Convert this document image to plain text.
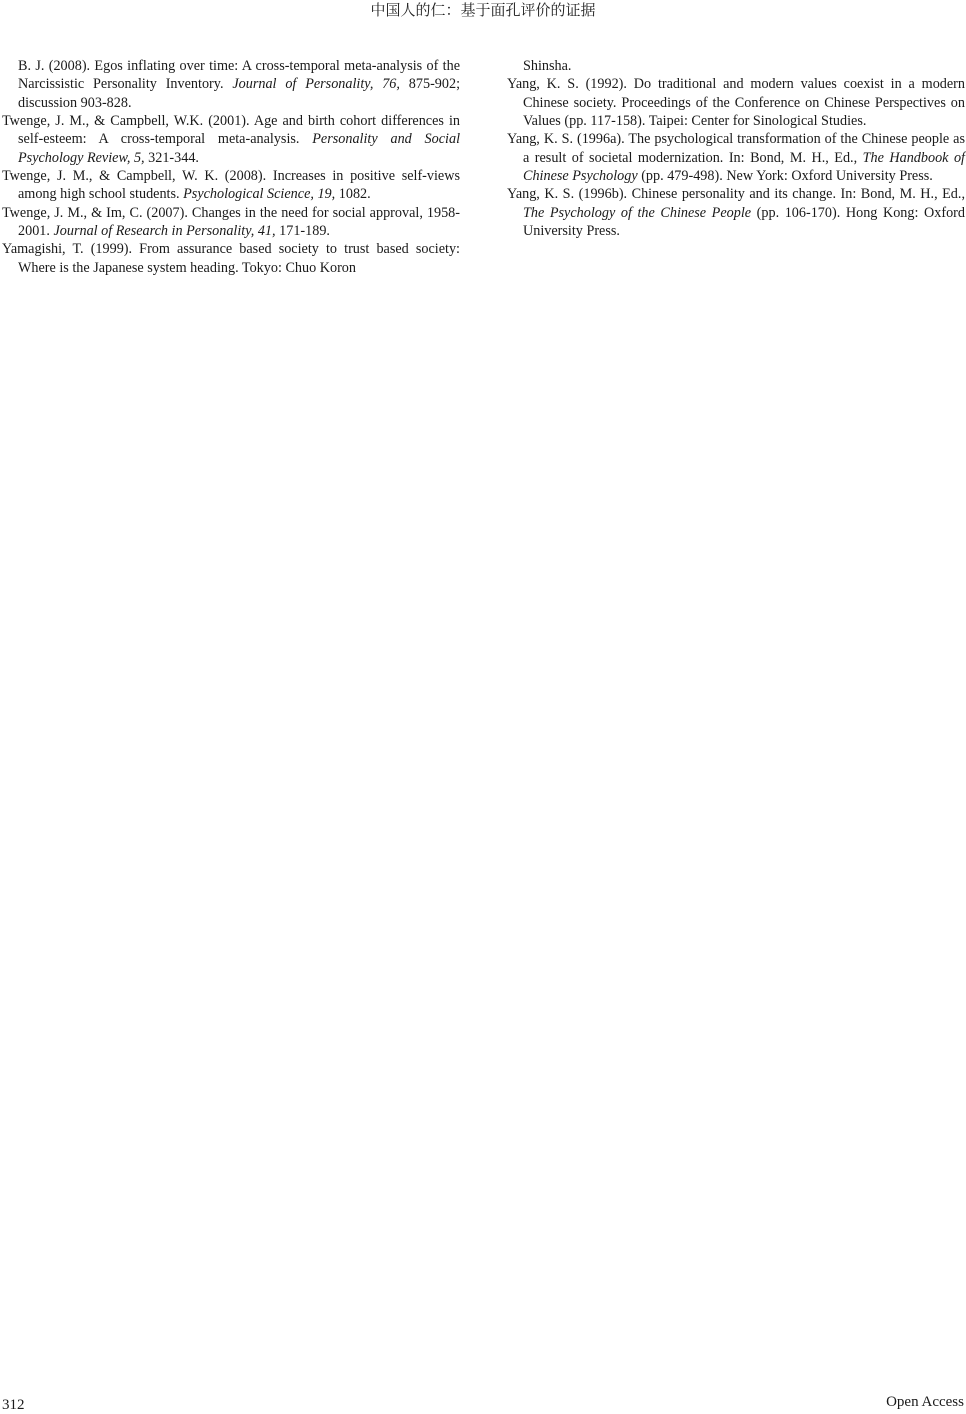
中国人的仁：基于面孔评价的证据

B. J. (2008). Egos inflating over time: A cross-temporal meta-analysis of the Narcissistic Personality Inventory. Journal of Personality, 76, 875-902; discussion 903-828.

Twenge, J. M., & Campbell, W.K. (2001). Age and birth cohort differences in self-esteem: A cross-temporal meta-analysis. Personality and Social Psychology Review, 5, 321-344.

Twenge, J. M., & Campbell, W. K. (2008). Increases in positive self-views among high school students. Psychological Science, 19, 1082.

Twenge, J. M., & Im, C. (2007). Changes in the need for social approval, 1958-2001. Journal of Research in Personality, 41, 171-189.

Yamagishi, T. (1999). From assurance based society to trust based society: Where is the Japanese system heading. Tokyo: Chuo Koron

Shinsha.

Yang, K. S. (1992). Do traditional and modern values coexist in a modern Chinese society. Proceedings of the Conference on Chinese Perspectives on Values (pp. 117-158). Taipei: Center for Sinological Studies.

Yang, K. S. (1996a). The psychological transformation of the Chinese people as a result of societal modernization. In: Bond, M. H., Ed., The Handbook of Chinese Psychology (pp. 479-498). New York: Oxford University Press.

Yang, K. S. (1996b). Chinese personality and its change. In: Bond, M. H., Ed., The Psychology of the Chinese People (pp. 106-170). Hong Kong: Oxford University Press.

312	Open Access
